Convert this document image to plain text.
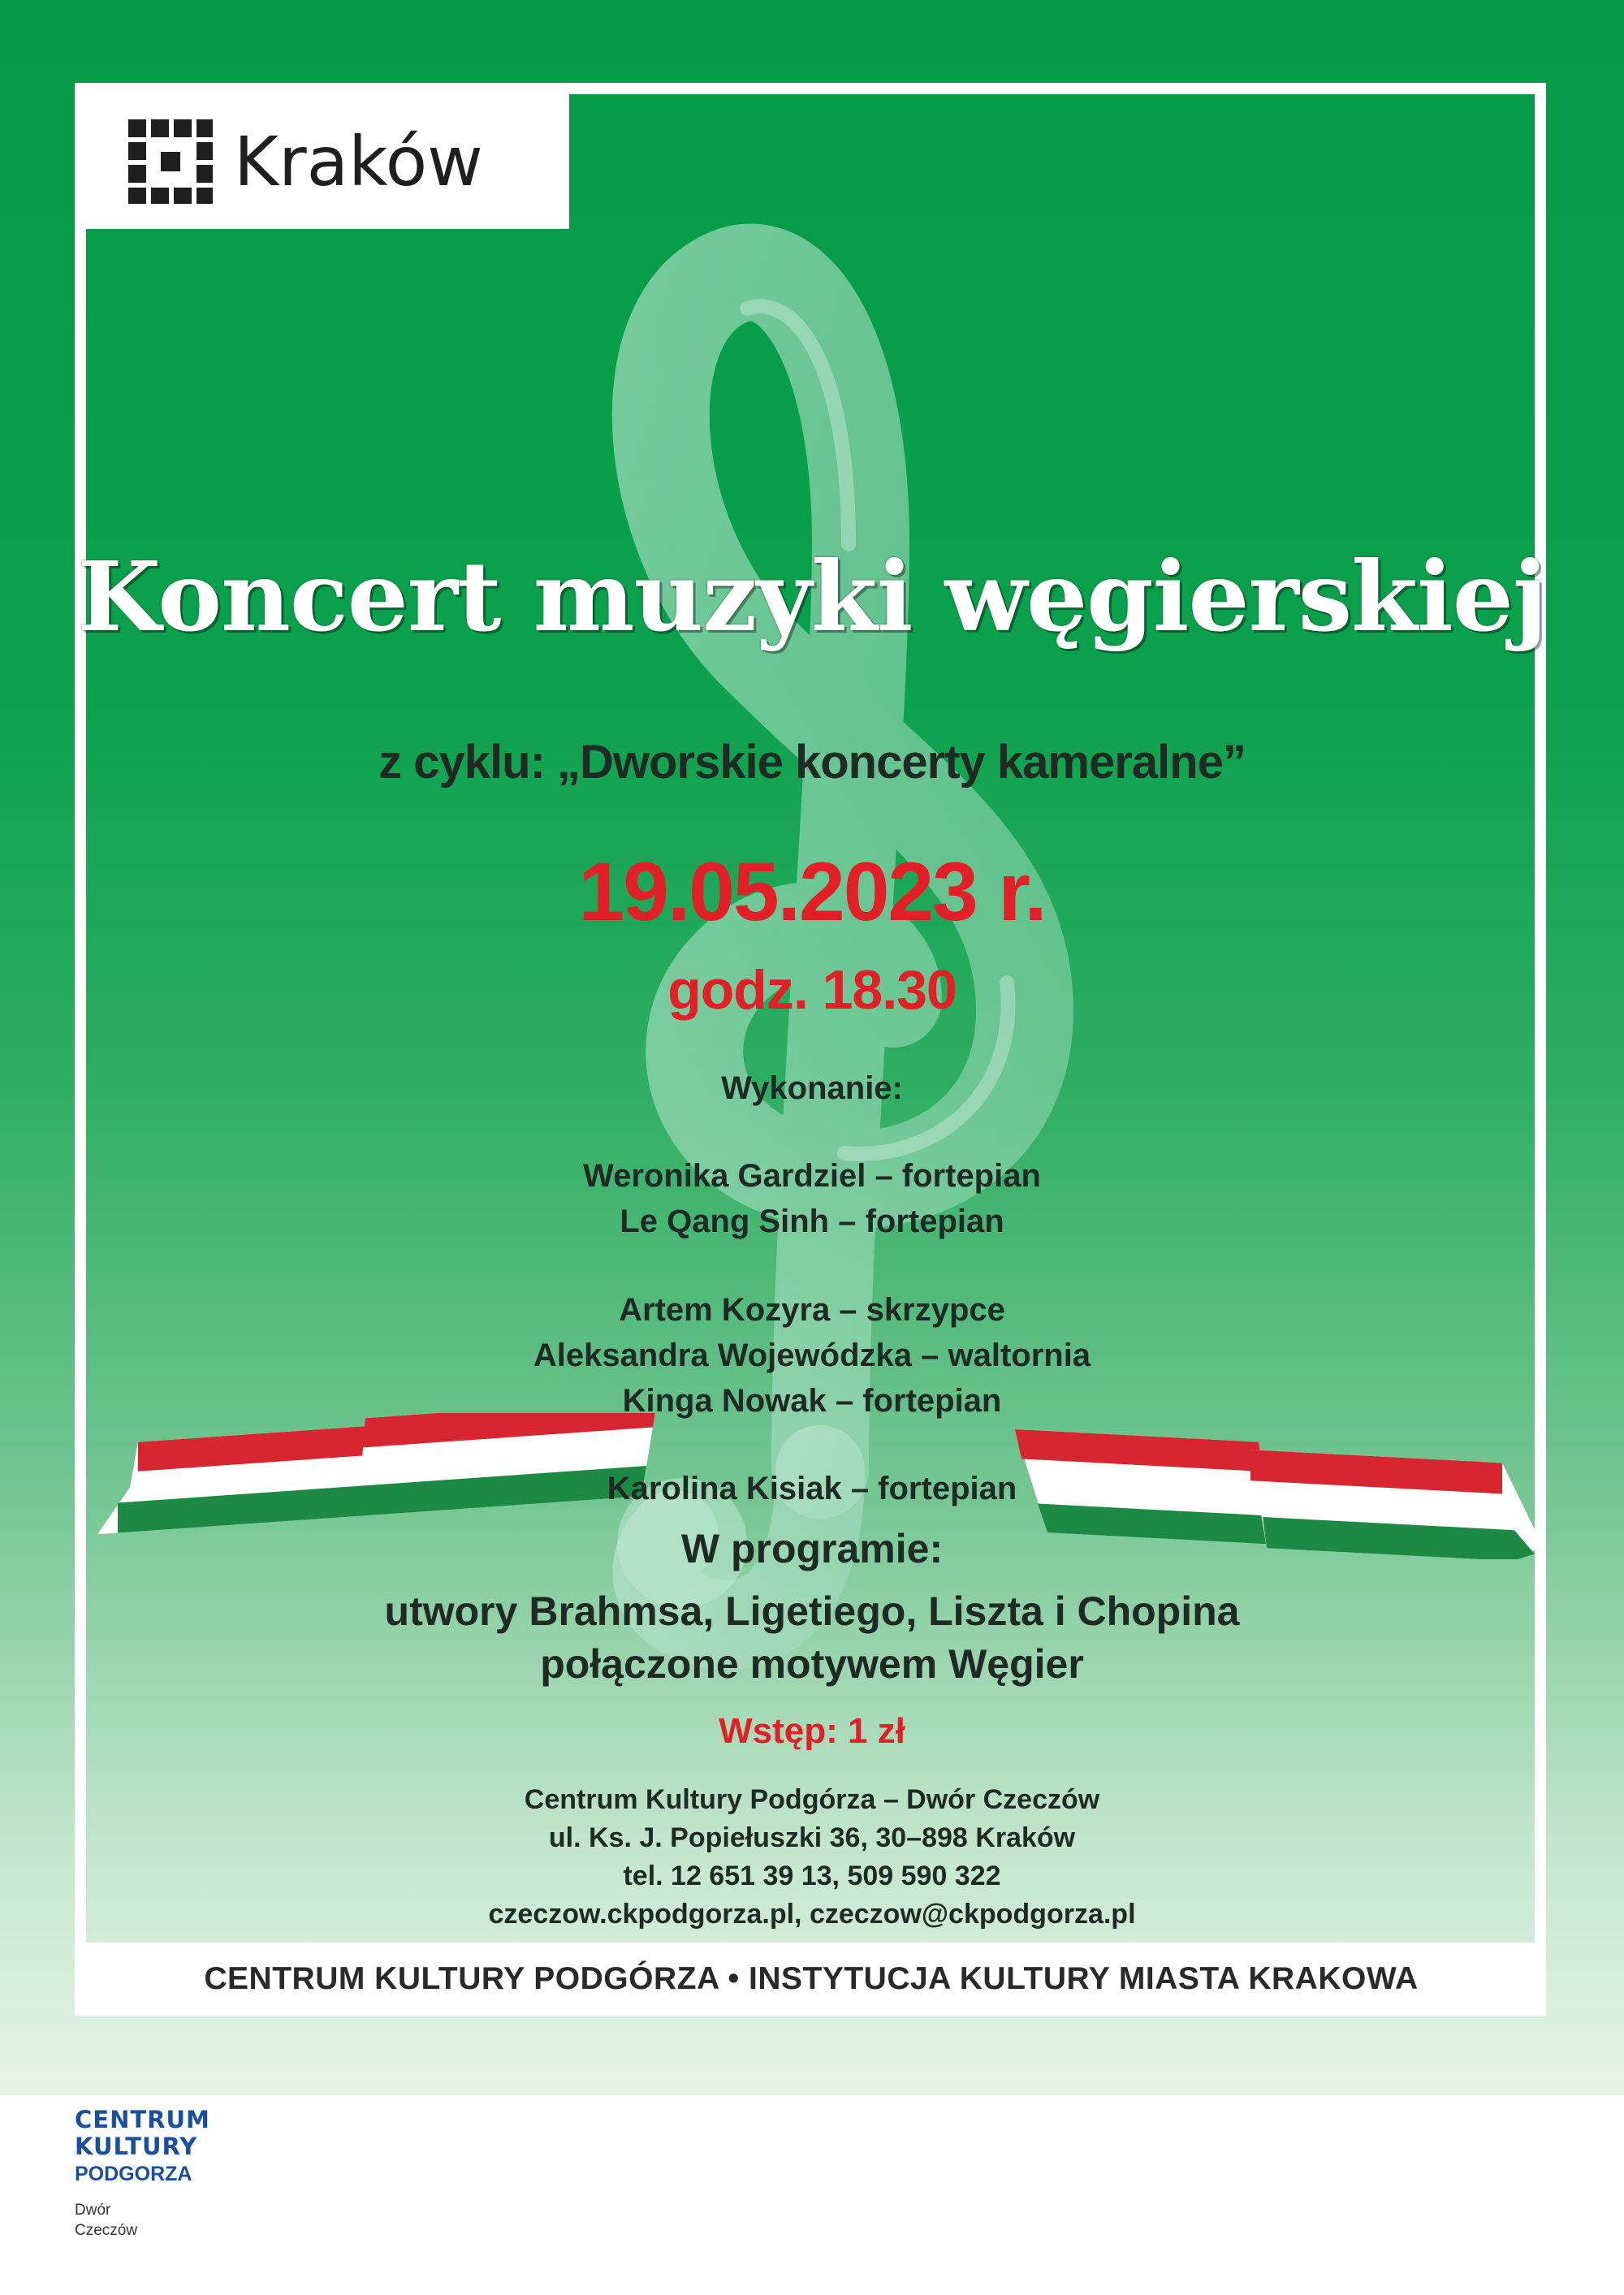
Kraków
Koncert muzyki węgierskiej
z cyklu: „Dworskie koncerty kameralne”
19.05.2023 r.
godz. 18.30
Wykonanie:
Weronika Gardziel – fortepian
Le Qang Sinh – fortepian
Artem Kozyra – skrzypce
Aleksandra Wojewódzka – waltornia
Kinga Nowak – fortepian
Karolina Kisiak – fortepian
W programie:
utwory Brahmsa, Ligetiego, Liszta i Chopina
połączone motywem Węgier
Wstęp: 1 zł
Centrum Kultury Podgórza – Dwór Czeczów
ul. Ks. J. Popiełuszki 36, 30–898 Kraków
tel. 12 651 39 13, 509 590 322
czeczow.ckpodgorza.pl, czeczow@ckpodgorza.pl
CENTRUM KULTURY PODGÓRZA • INSTYTUCJA KULTURY MIASTA KRAKOWA
CENTRUM
KULTURY
PODGORZA
Dwór
Czeczów
